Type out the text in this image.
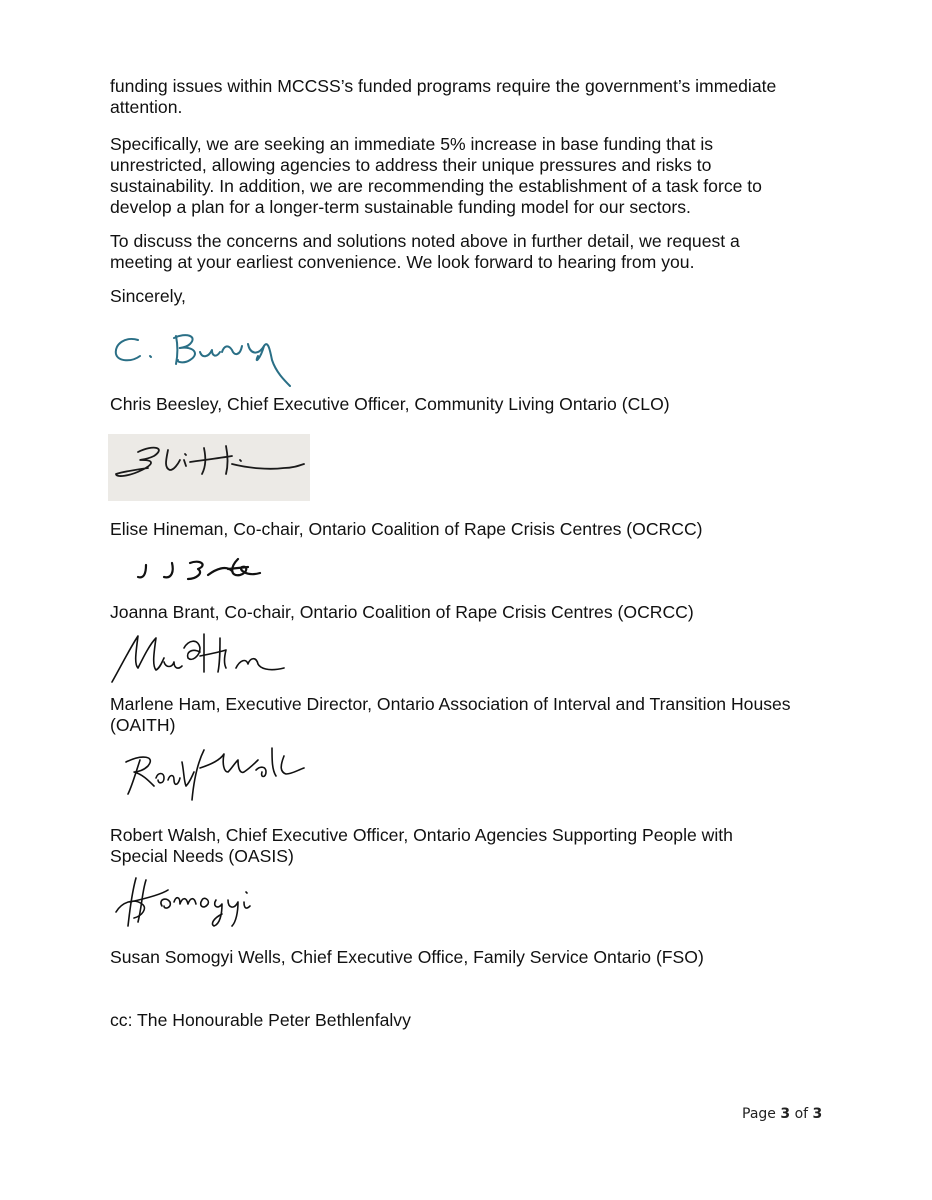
funding issues within MCCSS’s funded programs require the government’s immediate
attention.

Specifically, we are seeking an immediate 5% increase in base funding that is
unrestricted, allowing agencies to address their unique pressures and risks to
sustainability. In addition, we are recommending the establishment of a task force to
develop a plan for a longer-term sustainable funding model for our sectors.

To discuss the concerns and solutions noted above in further detail, we request a
meeting at your earliest convenience. We look forward to hearing from you.

Sincerely,

Chris Beesley, Chief Executive Officer, Community Living Ontario (CLO)

Elise Hineman, Co-chair, Ontario Coalition of Rape Crisis Centres (OCRCC)

Joanna Brant, Co-chair, Ontario Coalition of Rape Crisis Centres (OCRCC)

Marlene Ham, Executive Director, Ontario Association of Interval and Transition Houses
(OAITH)

Robert Walsh, Chief Executive Officer, Ontario Agencies Supporting People with
Special Needs (OASIS)

Susan Somogyi Wells, Chief Executive Office, Family Service Ontario (FSO)

cc: The Honourable Peter Bethlenfalvy

Page 3 of 3
